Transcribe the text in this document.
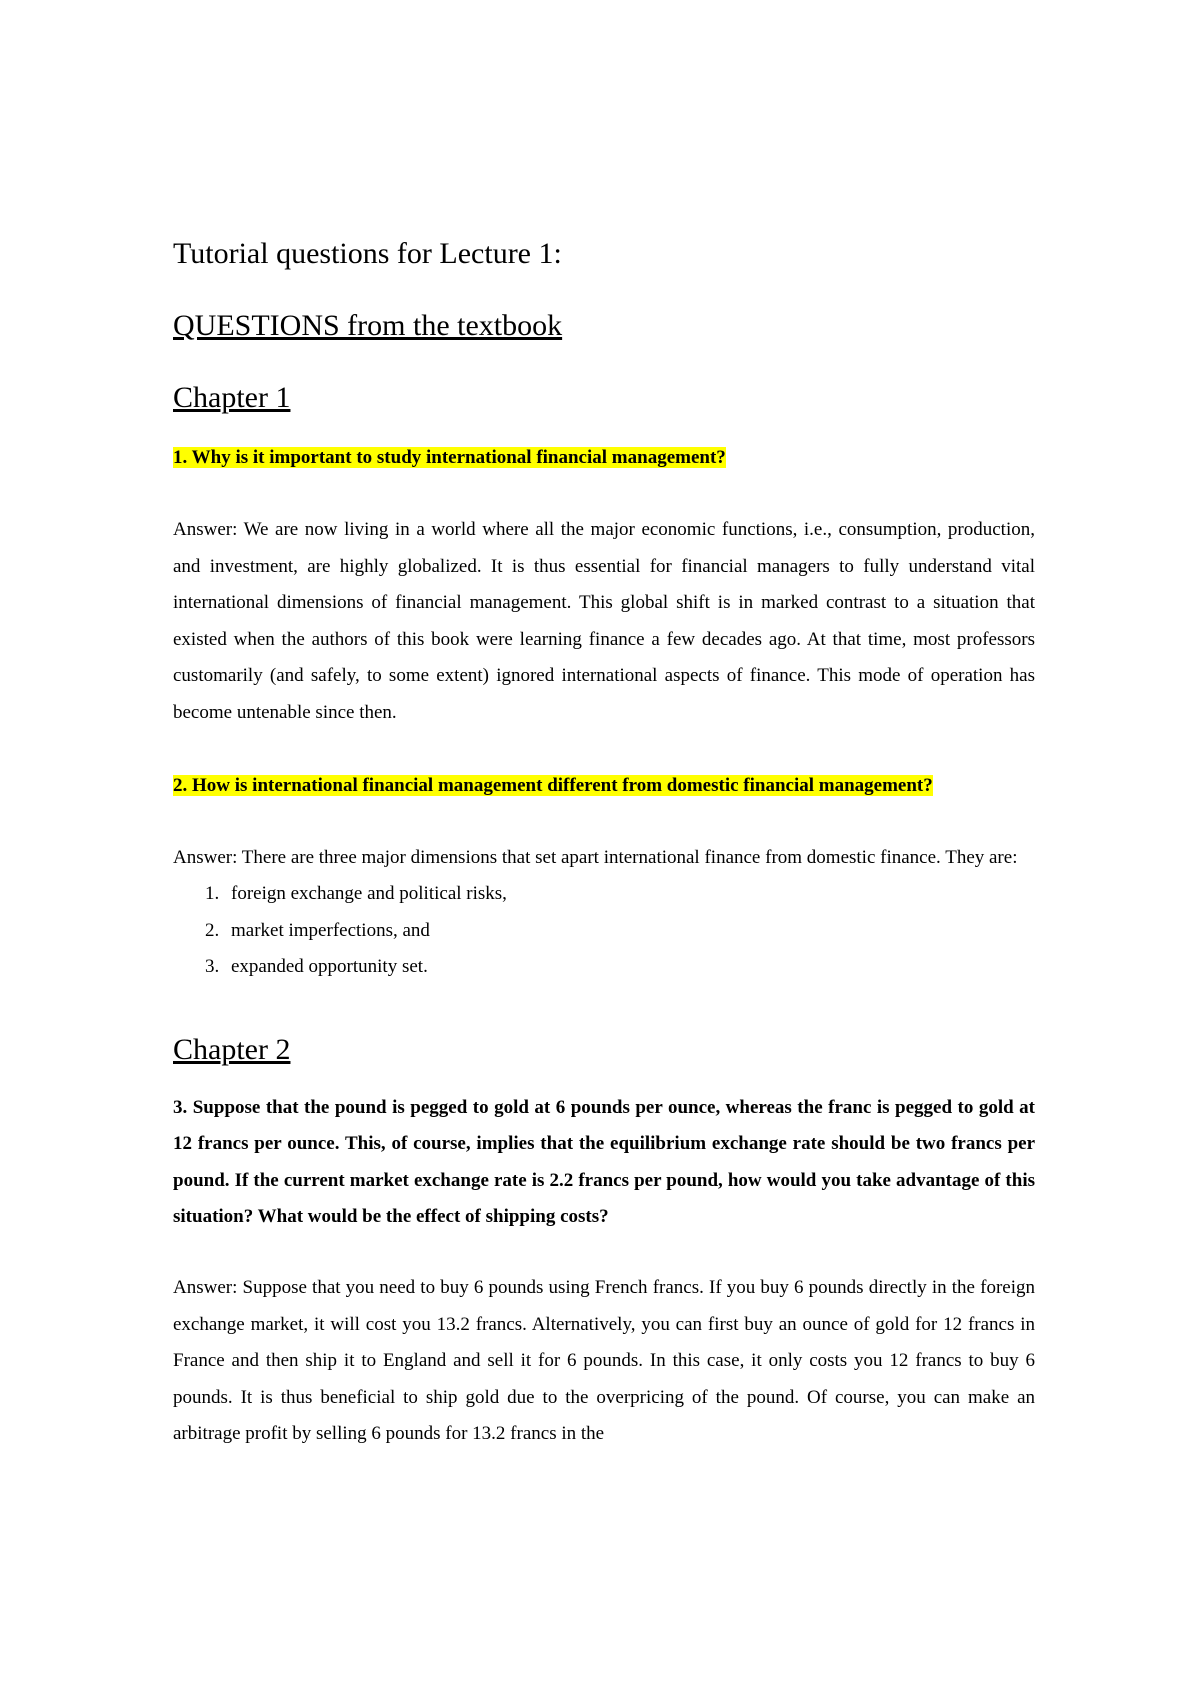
Tutorial questions for Lecture 1:
QUESTIONS from the textbook
Chapter 1

1. Why is it important to study international financial management?

Answer: We are now living in a world where all the major economic functions, i.e., consumption, production, and investment, are highly globalized. It is thus essential for financial managers to fully understand vital international dimensions of financial management. This global shift is in marked contrast to a situation that existed when the authors of this book were learning finance a few decades ago. At that time, most professors customarily (and safely, to some extent) ignored international aspects of finance. This mode of operation has become untenable since then.

2. How is international financial management different from domestic financial management?

Answer: There are three major dimensions that set apart international finance from domestic finance. They are:

1. foreign exchange and political risks,
2. market imperfections, and
3. expanded opportunity set.
Chapter 2

3. Suppose that the pound is pegged to gold at 6 pounds per ounce, whereas the franc is pegged to gold at 12 francs per ounce. This, of course, implies that the equilibrium exchange rate should be two francs per pound. If the current market exchange rate is 2.2 francs per pound, how would you take advantage of this situation? What would be the effect of shipping costs?

Answer: Suppose that you need to buy 6 pounds using French francs. If you buy 6 pounds directly in the foreign exchange market, it will cost you 13.2 francs. Alternatively, you can first buy an ounce of gold for 12 francs in France and then ship it to England and sell it for 6 pounds. In this case, it only costs you 12 francs to buy 6 pounds. It is thus beneficial to ship gold due to the overpricing of the pound. Of course, you can make an arbitrage profit by selling 6 pounds for 13.2 francs in the
